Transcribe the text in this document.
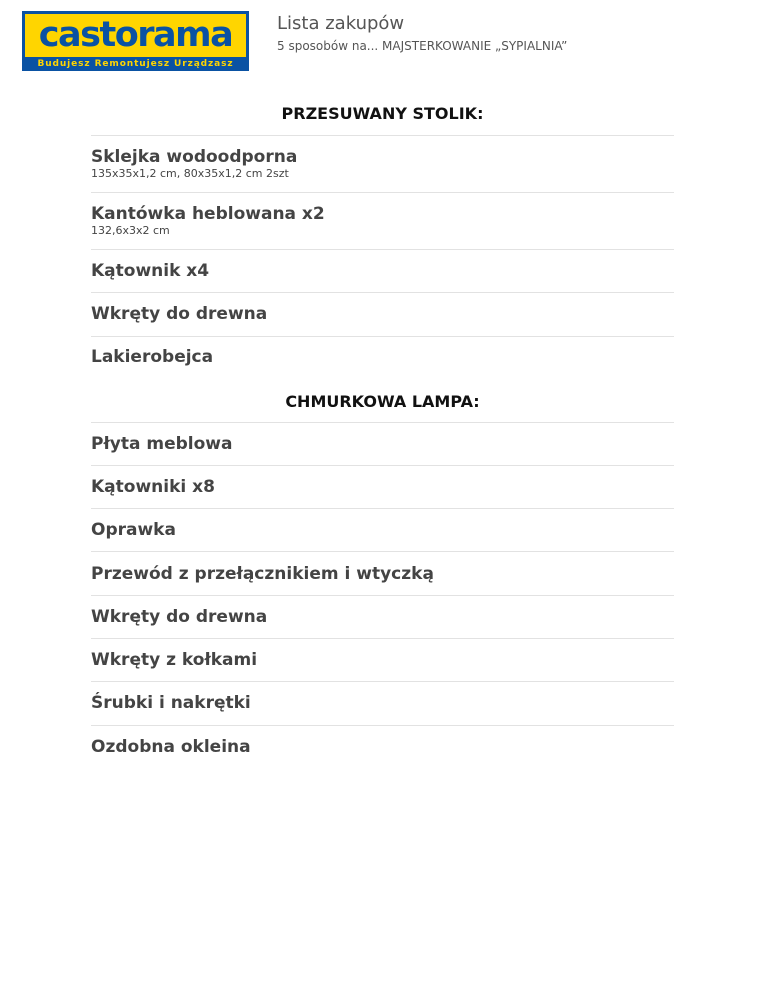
castorama
Budujesz Remontujesz Urządzasz
Lista zakupów
5 sposobów na... MAJSTERKOWANIE „SYPIALNIA”
PRZESUWANY STOLIK:
Sklejka wodoodporna
135x35x1,2 cm, 80x35x1,2 cm 2szt
Kantówka heblowana x2
132,6x3x2 cm
Kątownik x4
Wkręty do drewna
Lakierobejca
CHMURKOWA LAMPA:
Płyta meblowa
Kątowniki x8
Oprawka
Przewód z przełącznikiem i wtyczką
Wkręty do drewna
Wkręty z kołkami
Śrubki i nakrętki
Ozdobna okleina
